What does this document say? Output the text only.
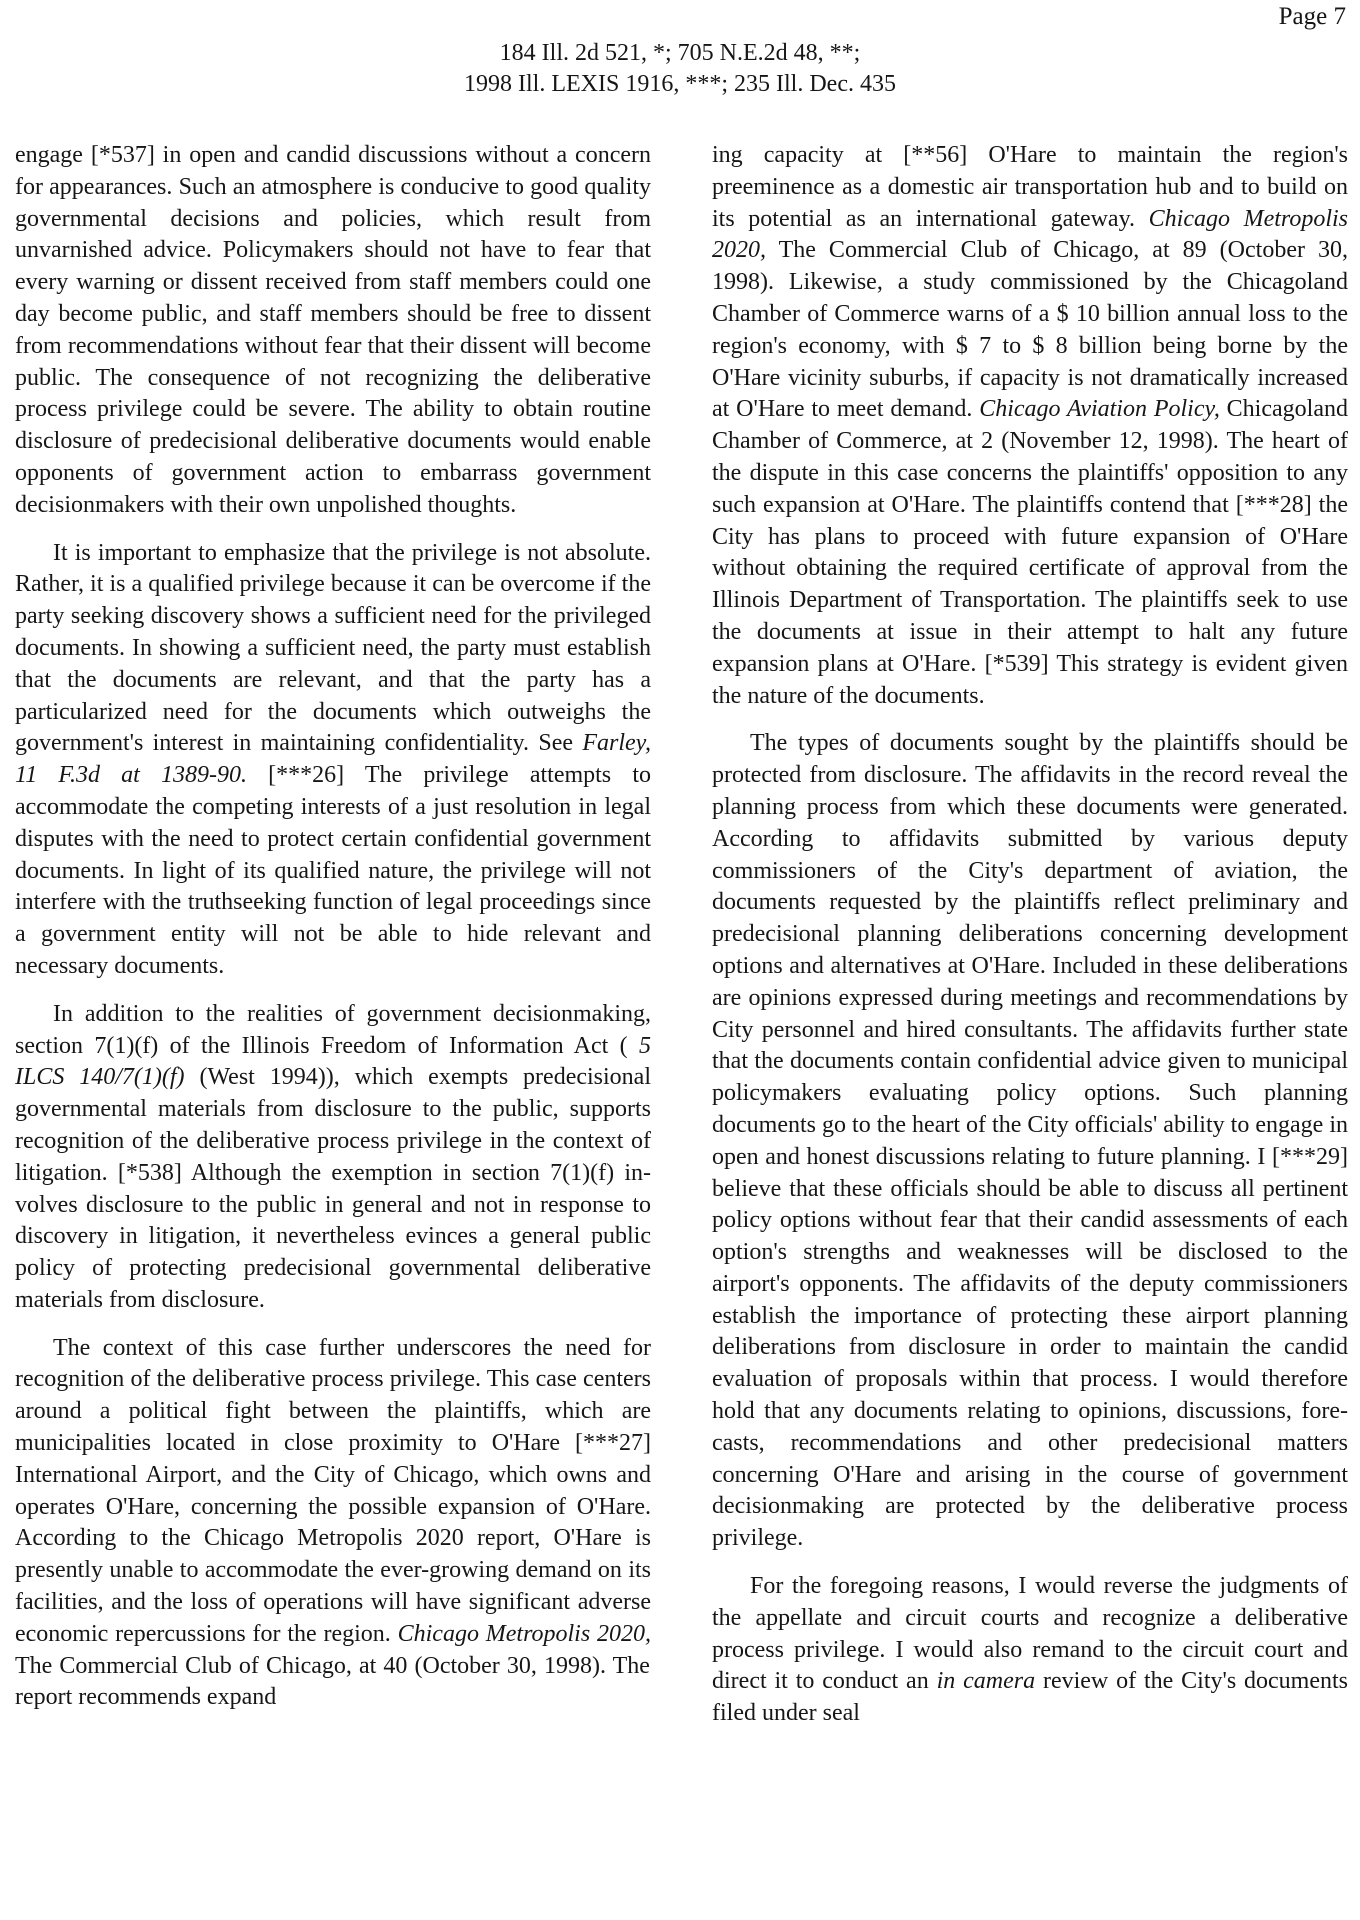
Page 7
184 Ill. 2d 521, *; 705 N.E.2d 48, **;
1998 Ill. LEXIS 1916, ***; 235 Ill. Dec. 435

engage [*537] in open and candid discussions without a concern for appearances. Such an atmosphere is conducive to good quality governmental decisions and policies, which result from unvarnished advice. Policymakers should not have to fear that every warning or dissent received from staff members could one day become public, and staff members should be free to dissent from recommendations without fear that their dissent will become public. The consequence of not recognizing the deliberative process privilege could be severe. The ability to obtain routine disclosure of predecisional deliberative documents would enable opponents of government action to embarrass government decisionmakers with their own unpolished thoughts.

It is important to emphasize that the privilege is not absolute. Rather, it is a qualified privilege because it can be overcome if the party seeking discovery shows a sufficient need for the privileged documents. In showing a sufficient need, the party must establish that the documents are relevant, and that the party has a particularized need for the documents which outweighs the government's interest in maintaining confidentiality. See Farley, 11 F.3d at 1389-90. [***26] The privilege attempts to accommodate the competing interests of a just resolution in legal disputes with the need to protect certain confidential government documents. In light of its qualified nature, the privilege will not interfere with the truthseeking function of legal proceedings since a government entity will not be able to hide relevant and necessary documents.

In addition to the realities of government decisionmaking, section 7(1)(f) of the Illinois Freedom of Information Act ( 5 ILCS 140/7(1)(f) (West 1994)), which exempts predecisional governmental materials from disclosure to the public, supports recognition of the deliberative process privilege in the context of litigation. [*538] Although the exemption in section 7(1)(f) involves disclosure to the public in general and not in response to discovery in litigation, it nevertheless evinces a general public policy of protecting predecisional governmental deliberative materials from disclosure.

The context of this case further underscores the need for recognition of the deliberative process privilege. This case centers around a political fight between the plaintiffs, which are municipalities located in close proximity to O'Hare [***27] International Airport, and the City of Chicago, which owns and operates O'Hare, concerning the possible expansion of O'Hare. According to the Chicago Metropolis 2020 report, O'Hare is presently unable to accommodate the ever-growing demand on its facilities, and the loss of operations will have significant adverse economic repercussions for the region. Chicago Metropolis 2020, The Commercial Club of Chicago, at 40 (October 30, 1998). The report recommends expand

ing capacity at [**56] O'Hare to maintain the region's preeminence as a domestic air transportation hub and to build on its potential as an international gateway. Chicago Metropolis 2020, The Commercial Club of Chicago, at 89 (October 30, 1998). Likewise, a study commissioned by the Chicagoland Chamber of Commerce warns of a $ 10 billion annual loss to the region's economy, with $ 7 to $ 8 billion being borne by the O'Hare vicinity suburbs, if capacity is not dramatically increased at O'Hare to meet demand. Chicago Aviation Policy, Chicagoland Chamber of Commerce, at 2 (November 12, 1998). The heart of the dispute in this case concerns the plaintiffs' opposition to any such expansion at O'Hare. The plaintiffs contend that [***28] the City has plans to proceed with future expansion of O'Hare without obtaining the required certificate of approval from the Illinois Department of Transportation. The plaintiffs seek to use the documents at issue in their attempt to halt any future expansion plans at O'Hare. [*539] This strategy is evident given the nature of the documents.

The types of documents sought by the plaintiffs should be protected from disclosure. The affidavits in the record reveal the planning process from which these documents were generated. According to affidavits submitted by various deputy commissioners of the City's department of aviation, the documents requested by the plaintiffs reflect preliminary and predecisional planning deliberations concerning development options and alternatives at O'Hare. Included in these deliberations are opinions expressed during meetings and recommendations by City personnel and hired consultants. The affidavits further state that the documents contain confidential advice given to municipal policymakers evaluating policy options. Such planning documents go to the heart of the City officials' ability to engage in open and honest discussions relating to future planning. I [***29] believe that these officials should be able to discuss all pertinent policy options without fear that their candid assessments of each option's strengths and weaknesses will be disclosed to the airport's opponents. The affidavits of the deputy commissioners establish the importance of protecting these airport planning deliberations from disclosure in order to maintain the candid evaluation of proposals within that process. I would therefore hold that any documents relating to opinions, discussions, forecasts, recommendations and other predecisional matters concerning O'Hare and arising in the course of government decisionmaking are protected by the deliberative process privilege.

For the foregoing reasons, I would reverse the judgments of the appellate and circuit courts and recognize a deliberative process privilege. I would also remand to the circuit court and direct it to conduct an in camera review of the City's documents filed under seal
